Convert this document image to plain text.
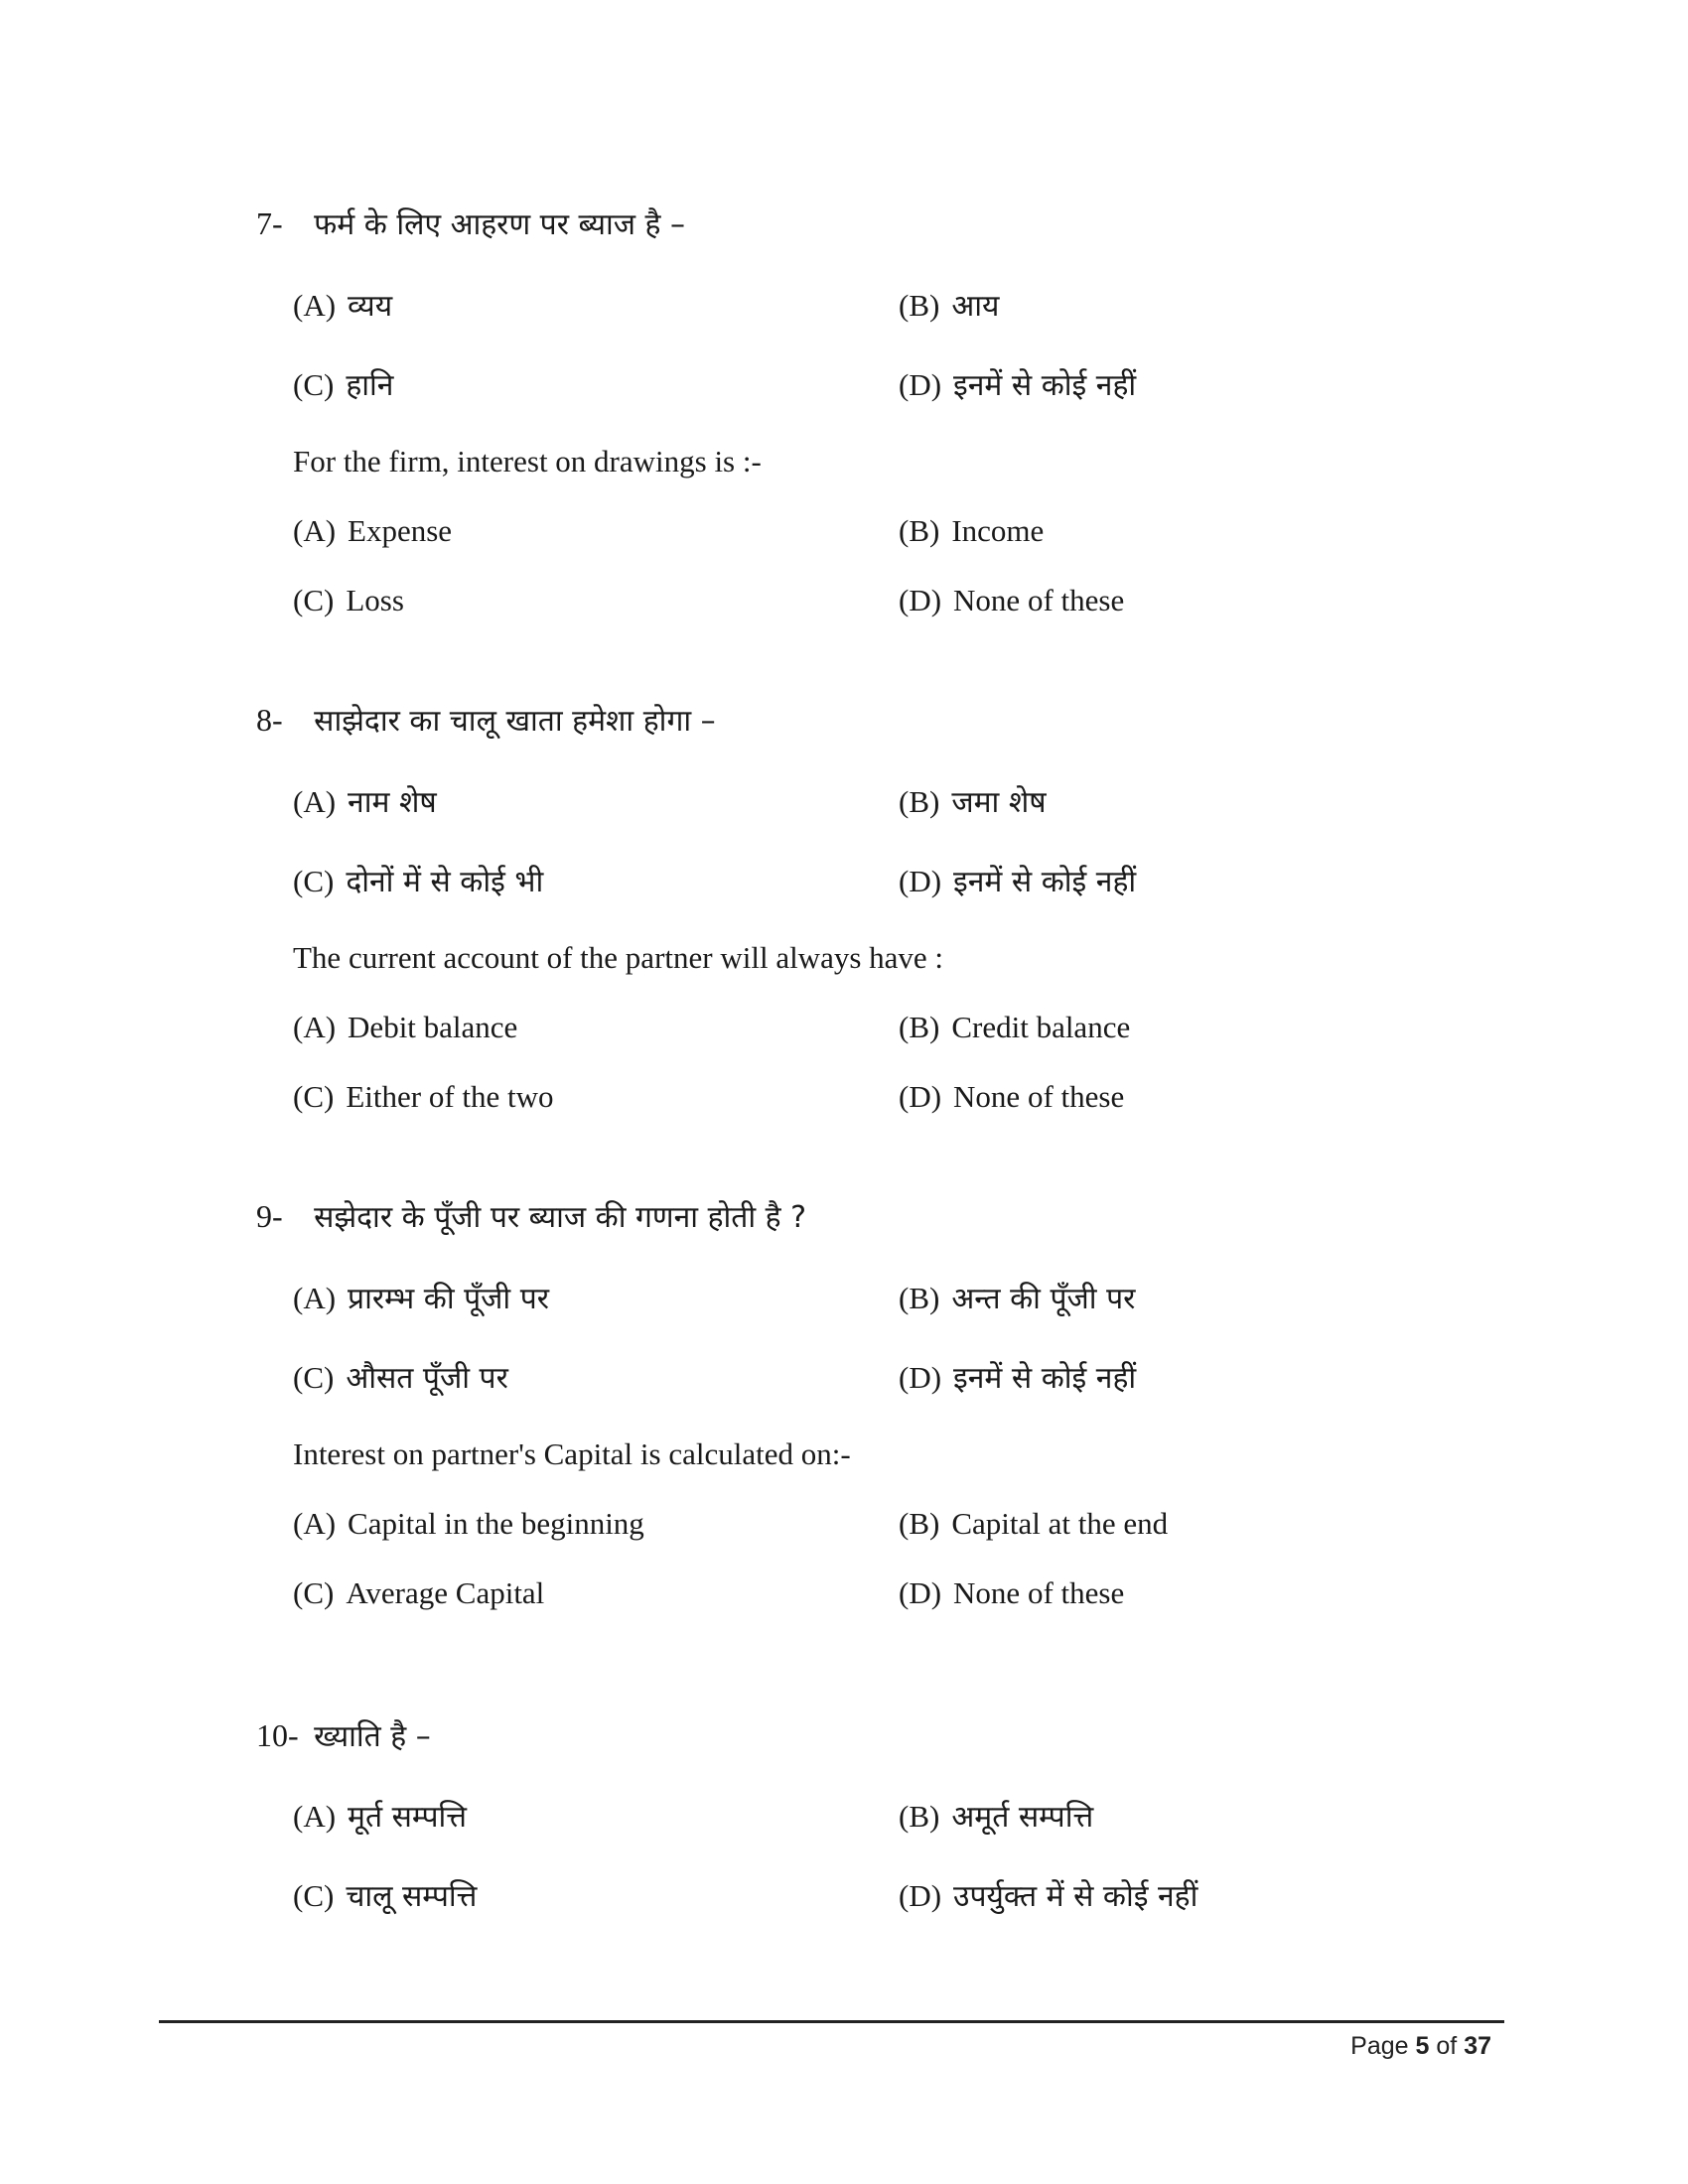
7- फर्म के लिए आहरण पर ब्याज है –
(A) व्यय	(B) आय
(C) हानि	(D) इनमें से कोई नहीं
For the firm, interest on drawings is :-
(A) Expense	(B) Income
(C) Loss	(D) None of these
8- साझेदार का चालू खाता हमेशा होगा –
(A) नाम शेष	(B) जमा शेष
(C) दोनों में से कोई भी	(D) इनमें से कोई नहीं
The current account of the partner will always have :
(A) Debit balance	(B) Credit balance
(C) Either of the two	(D) None of these
9- सझेदार के पूँजी पर ब्याज की गणना होती है ?
(A) प्रारम्भ की पूँजी पर	(B) अन्त की पूँजी पर
(C) औसत पूँजी पर	(D) इनमें से कोई नहीं
Interest on partner's Capital is calculated on:-
(A) Capital in the beginning	(B) Capital at the end
(C) Average Capital	(D) None of these
10- ख्याति है –
(A) मूर्त सम्पत्ति	(B) अमूर्त सम्पत्ति
(C) चालू सम्पत्ति	(D) उपर्युक्त में से कोई नहीं
Page 5 of 37
